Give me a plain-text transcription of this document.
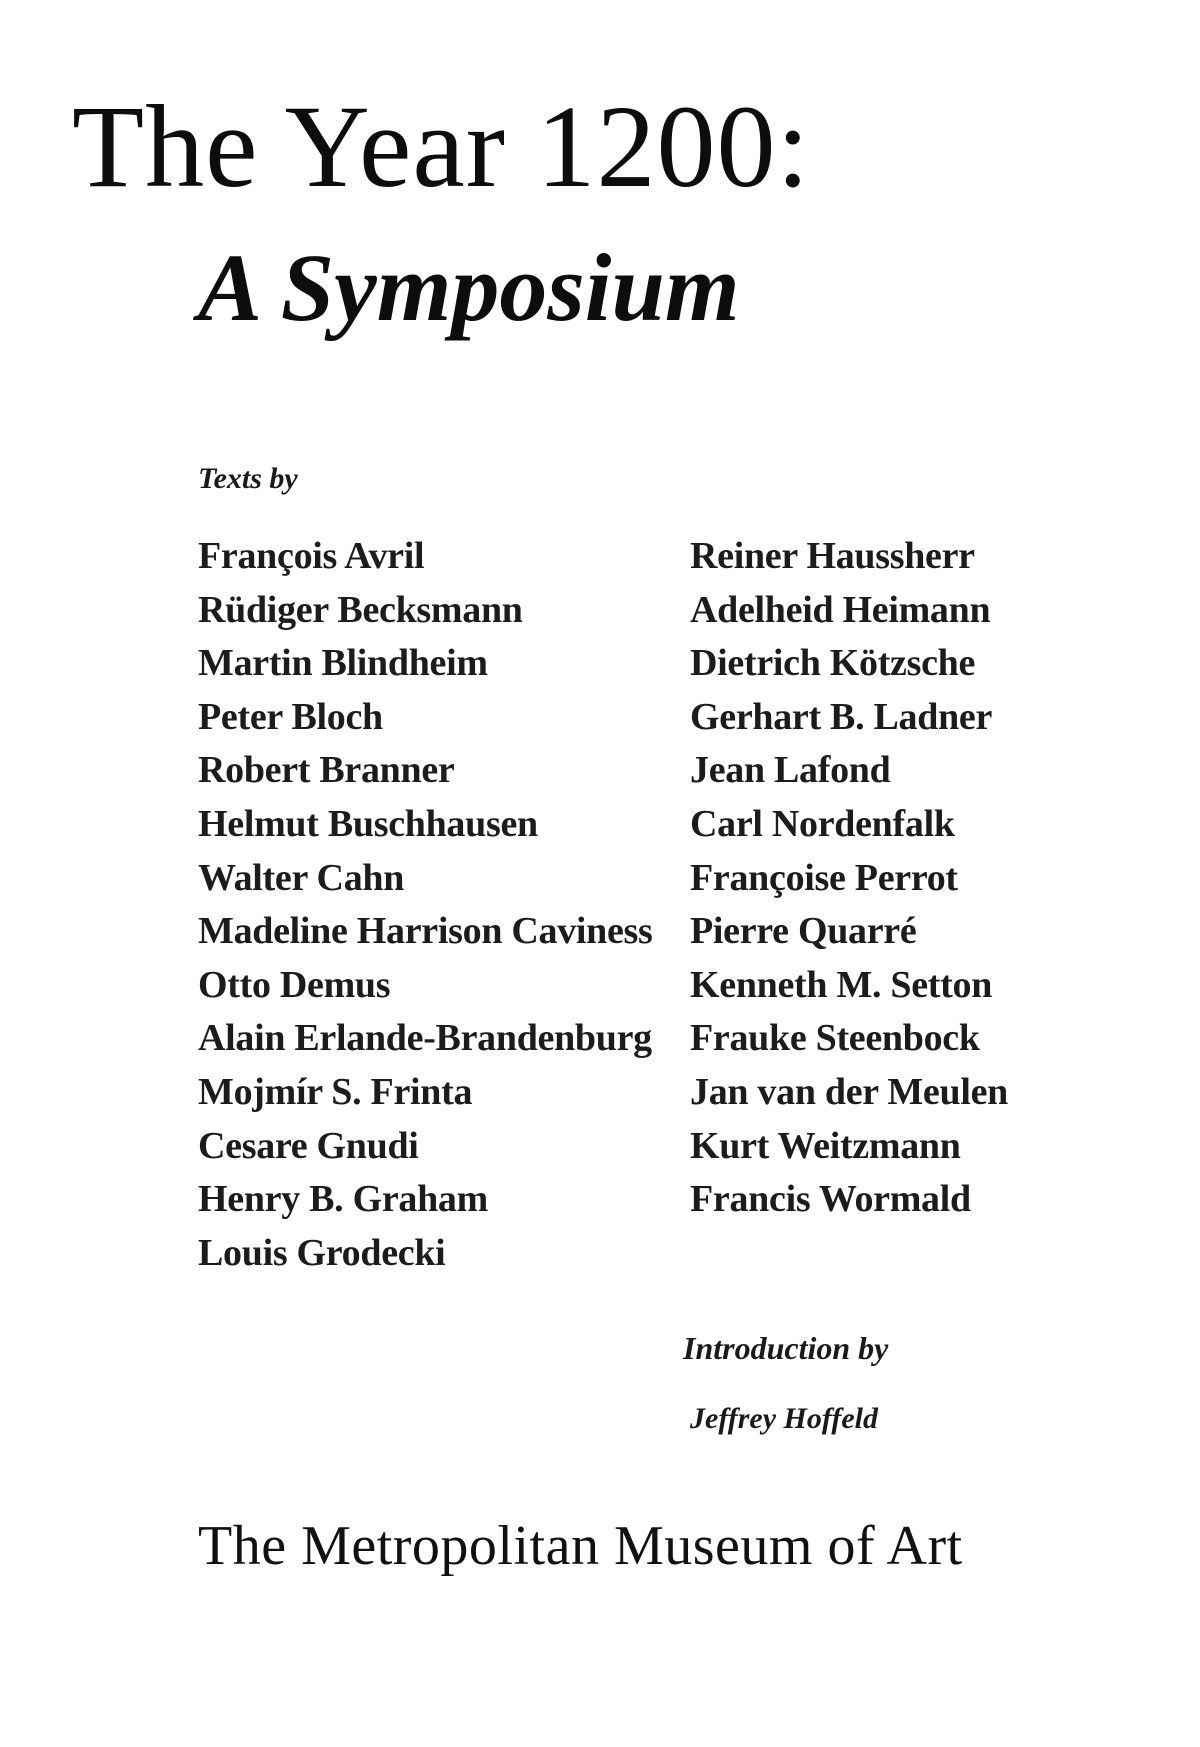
The Year 1200:
A Symposium
Texts by
François Avril
Rüdiger Becksmann
Martin Blindheim
Peter Bloch
Robert Branner
Helmut Buschhausen
Walter Cahn
Madeline Harrison Caviness
Otto Demus
Alain Erlande-Brandenburg
Mojmír S. Frinta
Cesare Gnudi
Henry B. Graham
Louis Grodecki
Reiner Haussherr
Adelheid Heimann
Dietrich Kötzsche
Gerhart B. Ladner
Jean Lafond
Carl Nordenfalk
Françoise Perrot
Pierre Quarré
Kenneth M. Setton
Frauke Steenbock
Jan van der Meulen
Kurt Weitzmann
Francis Wormald
Introduction by
Jeffrey Hoffeld
The Metropolitan Museum of Art
